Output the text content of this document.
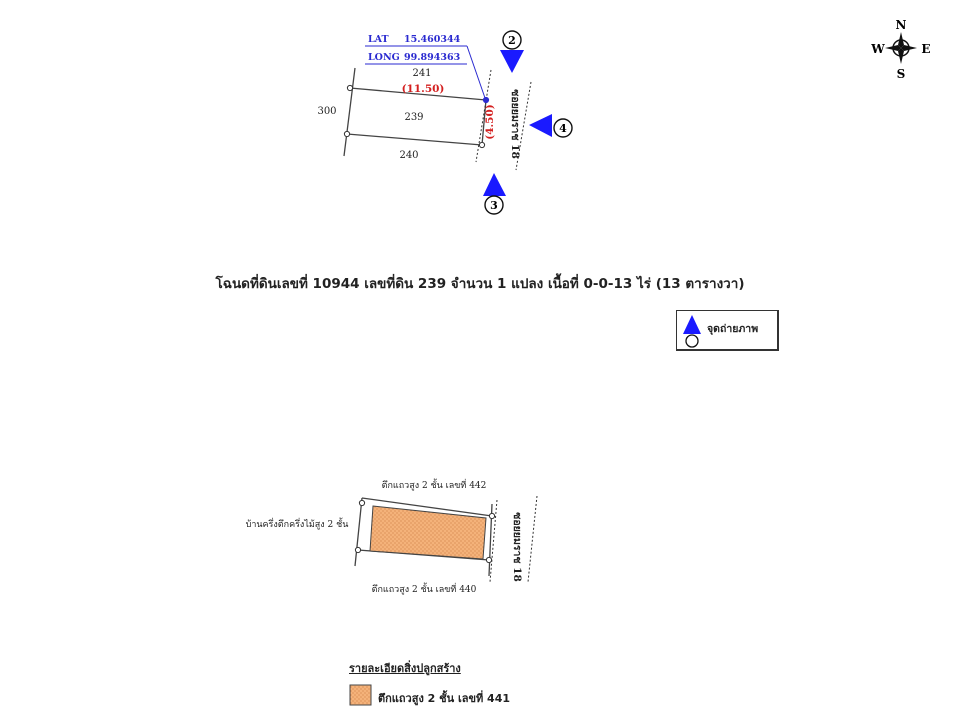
N
S
W	E
LAT 15.460344
LONG 99.894363
241
(11.50)
300
239
240
(4.50) ซอยยมราช 18
2
3
4
ตึกแถวสูง 2 ชั้น เลขที่ 442
บ้านครึ่งตึกครึ่งไม้สูง 2 ชั้น
ตึกแถวสูง 2 ชั้น เลขที่ 440
ซอยยมราช 18
โฉนดที่ดินเลขที่ 10944 เลขที่ดิน 239 จำนวน 1 แปลง เนื้อที่ 0-0-13 ไร่ (13 ตารางวา)
จุดถ่ายภาพ
รายละเอียดสิ่งปลูกสร้าง
ตึกแถวสูง 2 ชั้น เลขที่ 441
